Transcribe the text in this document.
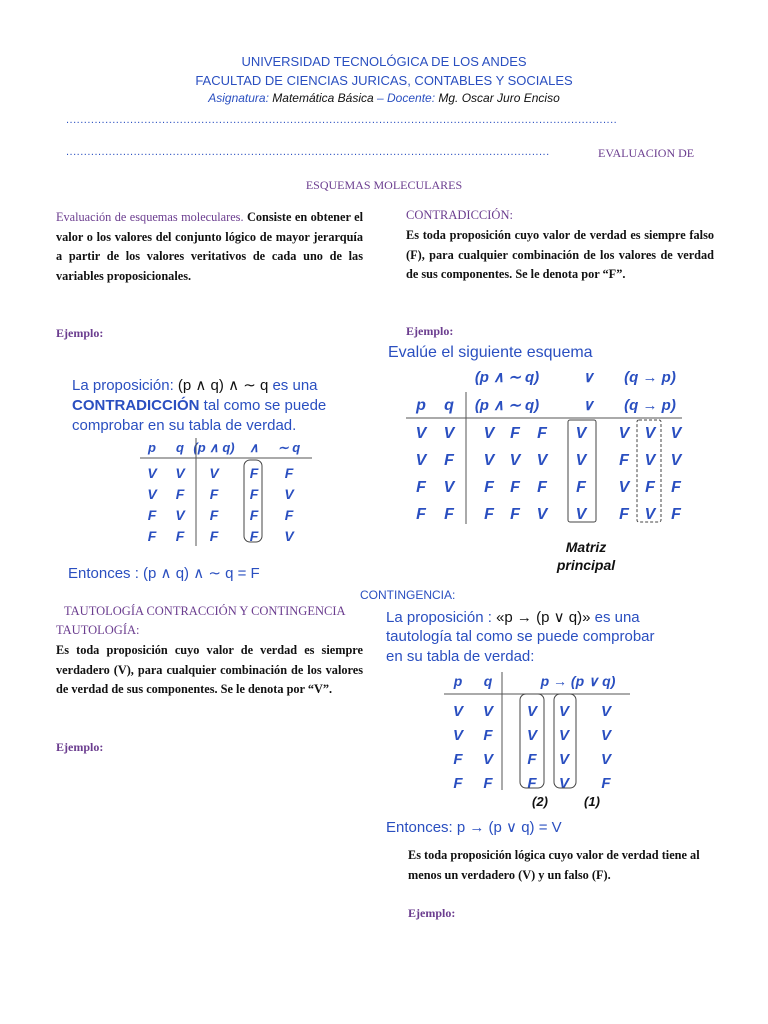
UNIVERSIDAD TECNOLÓGICA DE LOS ANDES
FACULTAD DE CIENCIAS JURICAS, CONTABLES Y SOCIALES
Asignatura: Matemática Básica – Docente: Mg. Oscar Juro Enciso
...........................................................................................................................................................
........................................................................................................................................	EVALUACION DE
ESQUEMAS MOLECULARES
Evaluación de esquemas moleculares. Consiste en obtener el valor o los valores del conjunto lógico de mayor jerarquía a partir de los valores veritativos de cada uno de las variables proposicionales.
Ejemplo:
La proposición: (p ∧ q) ∧ ∼ q es una
CONTRADICCIÓN tal como se puede
comprobar en su tabla de verdad.
p q (p ∧ q) ∧ ∼ q
V V V F F
V F F F V
F V F F F
F F F F V
Entonces : (p ∧ q) ∧ ∼ q = F
TAUTOLOGÍA CONTRACCIÓN Y CONTINGENCIA
TAUTOLOGÍA:
Es toda proposición cuyo valor de verdad es siempre verdadero (V), para cualquier combinación de los valores de verdad de sus componentes. Se le denota por “V”.
Ejemplo:
CONTRADICCIÓN:
Es toda proposición cuyo valor de verdad es siempre falso (F), para cualquier combinación de los valores de verdad de sus componentes. Se le denota por “F”.
Ejemplo:
Evalúe el siguiente esquema
(p ∧ ∼ q)	∨ (q → p)
p q (p ∧ ∼ q)	∨ (q → p)
V V V F F V V V V
V F V V V V F V V
F V F F F F V F F
F F F F V V F V F
Matriz
principal
CONTINGENCIA:
La proposición : «p → (p ∨ q)» es una
tautología tal como se puede comprobar
en su tabla de verdad:
p q	p → (p ∨ q)
V V V V V
V F V V V
F V F V V
F F F V F
(2)	(1)
Entonces: p → (p ∨ q) = V
Es toda proposición lógica cuyo valor de verdad tiene al menos un verdadero (V) y un falso (F).
Ejemplo:
